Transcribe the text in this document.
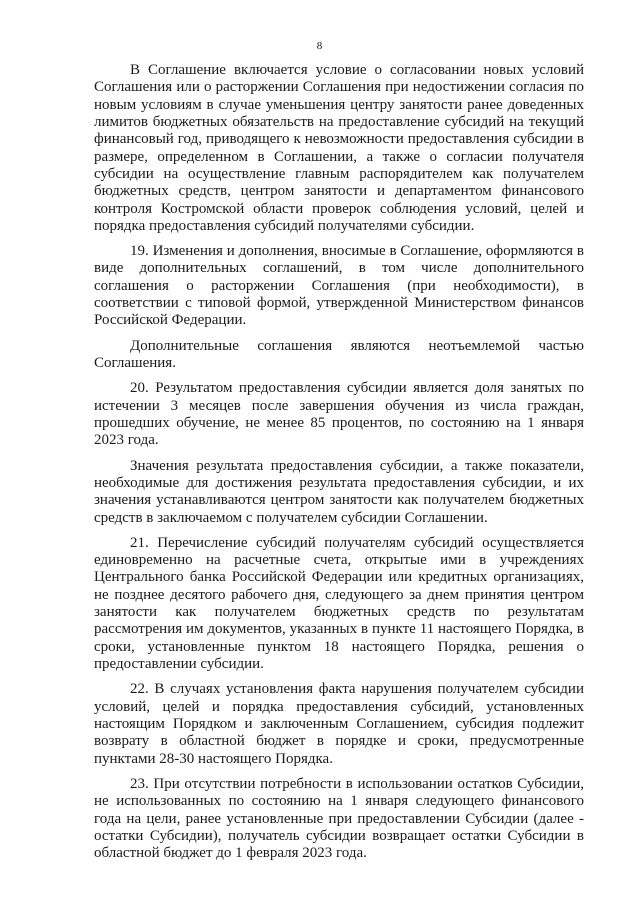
8

В Соглашение включается условие о согласовании новых условий Соглашения или о расторжении Соглашения при недостижении согласия по новым условиям в случае уменьшения центру занятости ранее доведенных лимитов бюджетных обязательств на предоставление субсидий на текущий финансовый год, приводящего к невозможности предоставления субсидии в размере, определенном в Соглашении, а также о согласии получателя субсидии на осуществление главным распорядителем как получателем бюджетных средств, центром занятости и департаментом финансового контроля Костромской области проверок соблюдения условий, целей и порядка предоставления субсидий получателями субсидии.

19. Изменения и дополнения, вносимые в Соглашение, оформляются в виде дополнительных соглашений, в том числе дополнительного соглашения о расторжении Соглашения (при необходимости), в соответствии с типовой формой, утвержденной Министерством финансов Российской Федерации.

Дополнительные соглашения являются неотъемлемой частью Соглашения.

20. Результатом предоставления субсидии является доля занятых по истечении 3 месяцев после завершения обучения из числа граждан, прошедших обучение, не менее 85 процентов, по состоянию на 1 января 2023 года.

Значения результата предоставления субсидии, а также показатели, необходимые для достижения результата предоставления субсидии, и их значения устанавливаются центром занятости как получателем бюджетных средств в заключаемом с получателем субсидии Соглашении.

21. Перечисление субсидий получателям субсидий осуществляется единовременно на расчетные счета, открытые ими в учреждениях Центрального банка Российской Федерации или кредитных организациях, не позднее десятого рабочего дня, следующего за днем принятия центром занятости как получателем бюджетных средств по результатам рассмотрения им документов, указанных в пункте 11 настоящего Порядка, в сроки, установленные пунктом 18 настоящего Порядка, решения о предоставлении субсидии.

22. В случаях установления факта нарушения получателем субсидии условий, целей и порядка предоставления субсидий, установленных настоящим Порядком и заключенным Соглашением, субсидия подлежит возврату в областной бюджет в порядке и сроки, предусмотренные пунктами 28-30 настоящего Порядка.

23. При отсутствии потребности в использовании остатков Субсидии, не использованных по состоянию на 1 января следующего финансового года на цели, ранее установленные при предоставлении Субсидии (далее - остатки Субсидии), получатель субсидии возвращает остатки Субсидии в областной бюджет до 1 февраля 2023 года.
